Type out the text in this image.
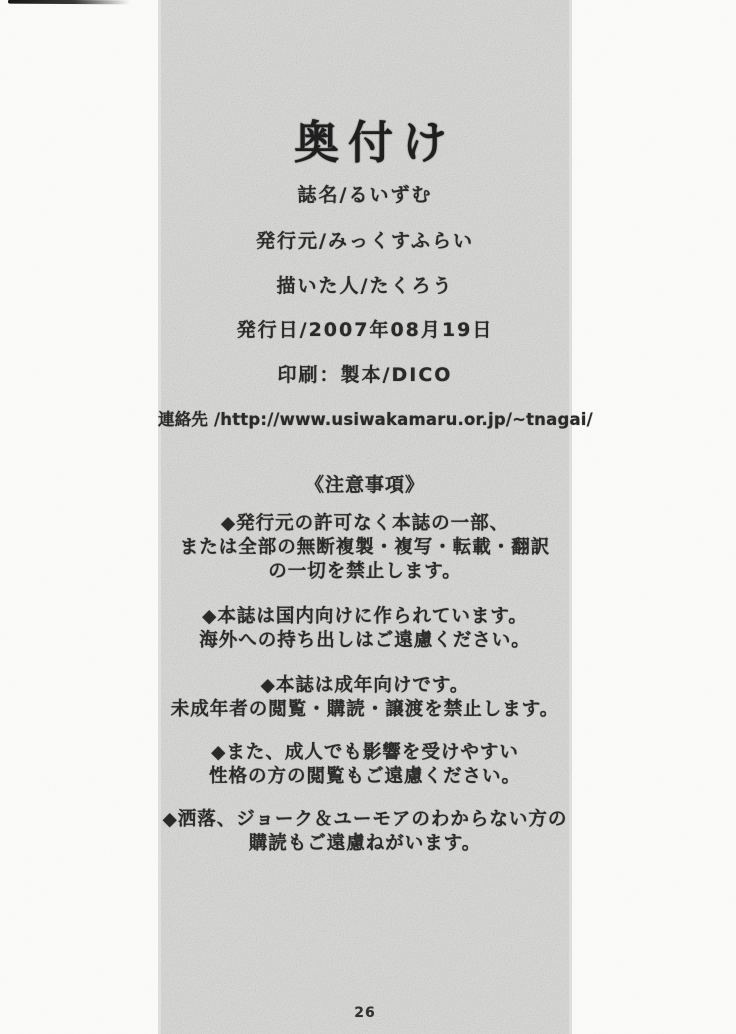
奥付け
誌名/るいずむ
発行元/みっくすふらい
描いた人/たくろう
発行日/2007年08月19日
印刷：製本/DICO
連絡先 /http://www.usiwakamaru.or.jp/~tnagai/
《注意事項》
◆発行元の許可なく本誌の一部、
または全部の無断複製・複写・転載・翻訳
の一切を禁止します。
◆本誌は国内向けに作られています。
海外への持ち出しはご遠慮ください。
◆本誌は成年向けです。
未成年者の閲覧・購読・譲渡を禁止します。
◆また、成人でも影響を受けやすい
性格の方の閲覧もご遠慮ください。
◆洒落、ジョーク＆ユーモアのわからない方の
購読もご遠慮ねがいます。
26
